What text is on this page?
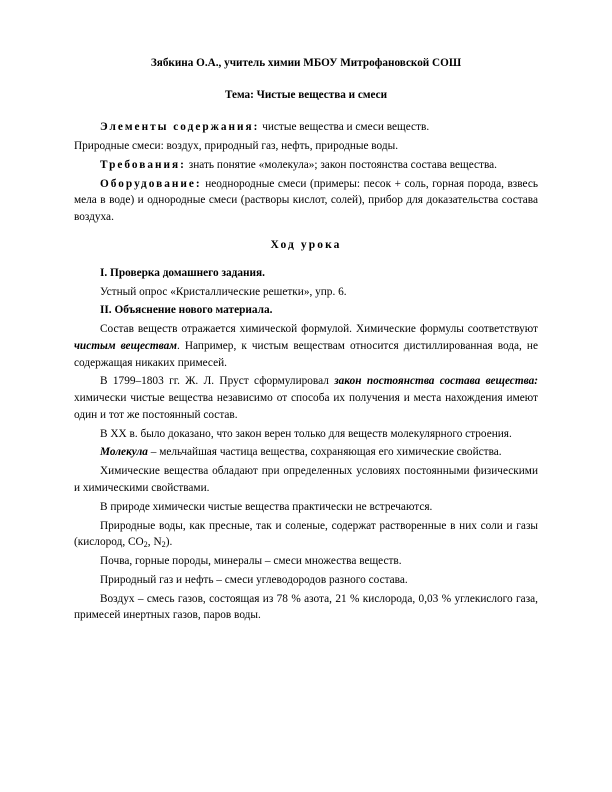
Зябкина О.А., учитель химии МБОУ Митрофановской СОШ
Тема: Чистые вещества и смеси

Элементы содержания: чистые вещества и смеси веществ.

Природные смеси: воздух, природный газ, нефть, природные воды.

Требования: знать понятие «молекула»; закон постоянства состава вещества.

Оборудование: неоднородные смеси (примеры: песок + соль, горная порода, взвесь мела в воде) и однородные смеси (растворы кислот, солей), прибор для доказательства состава воздуха.

Ход урока

I. Проверка домашнего задания.

Устный опрос «Кристаллические решетки», упр. 6.

II. Объяснение нового материала.

Состав веществ отражается химической формулой. Химические формулы соответствуют чистым веществам. Например, к чистым веществам относится дистиллированная вода, не содержащая никаких примесей.

В 1799–1803 гг. Ж. Л. Пруст сформулировал закон постоянства состава вещества: химически чистые вещества независимо от способа их получения и места нахождения имеют один и тот же постоянный состав.

В ХХ в. было доказано, что закон верен только для веществ молекулярного строения.

Молекула – мельчайшая частица вещества, сохраняющая его химические свойства.

Химические вещества обладают при определенных условиях постоянными физическими и химическими свойствами.

В природе химически чистые вещества практически не встречаются.

Природные воды, как пресные, так и соленые, содержат растворенные в них соли и газы (кислород, $CO_2$, $N_2$).

Почва, горные породы, минералы – смеси множества веществ.

Природный газ и нефть – смеси углеводородов разного состава.

Воздух – смесь газов, состоящая из 78 % азота, 21 % кислорода, 0,03 % углекислого газа, примесей инертных газов, паров воды.
